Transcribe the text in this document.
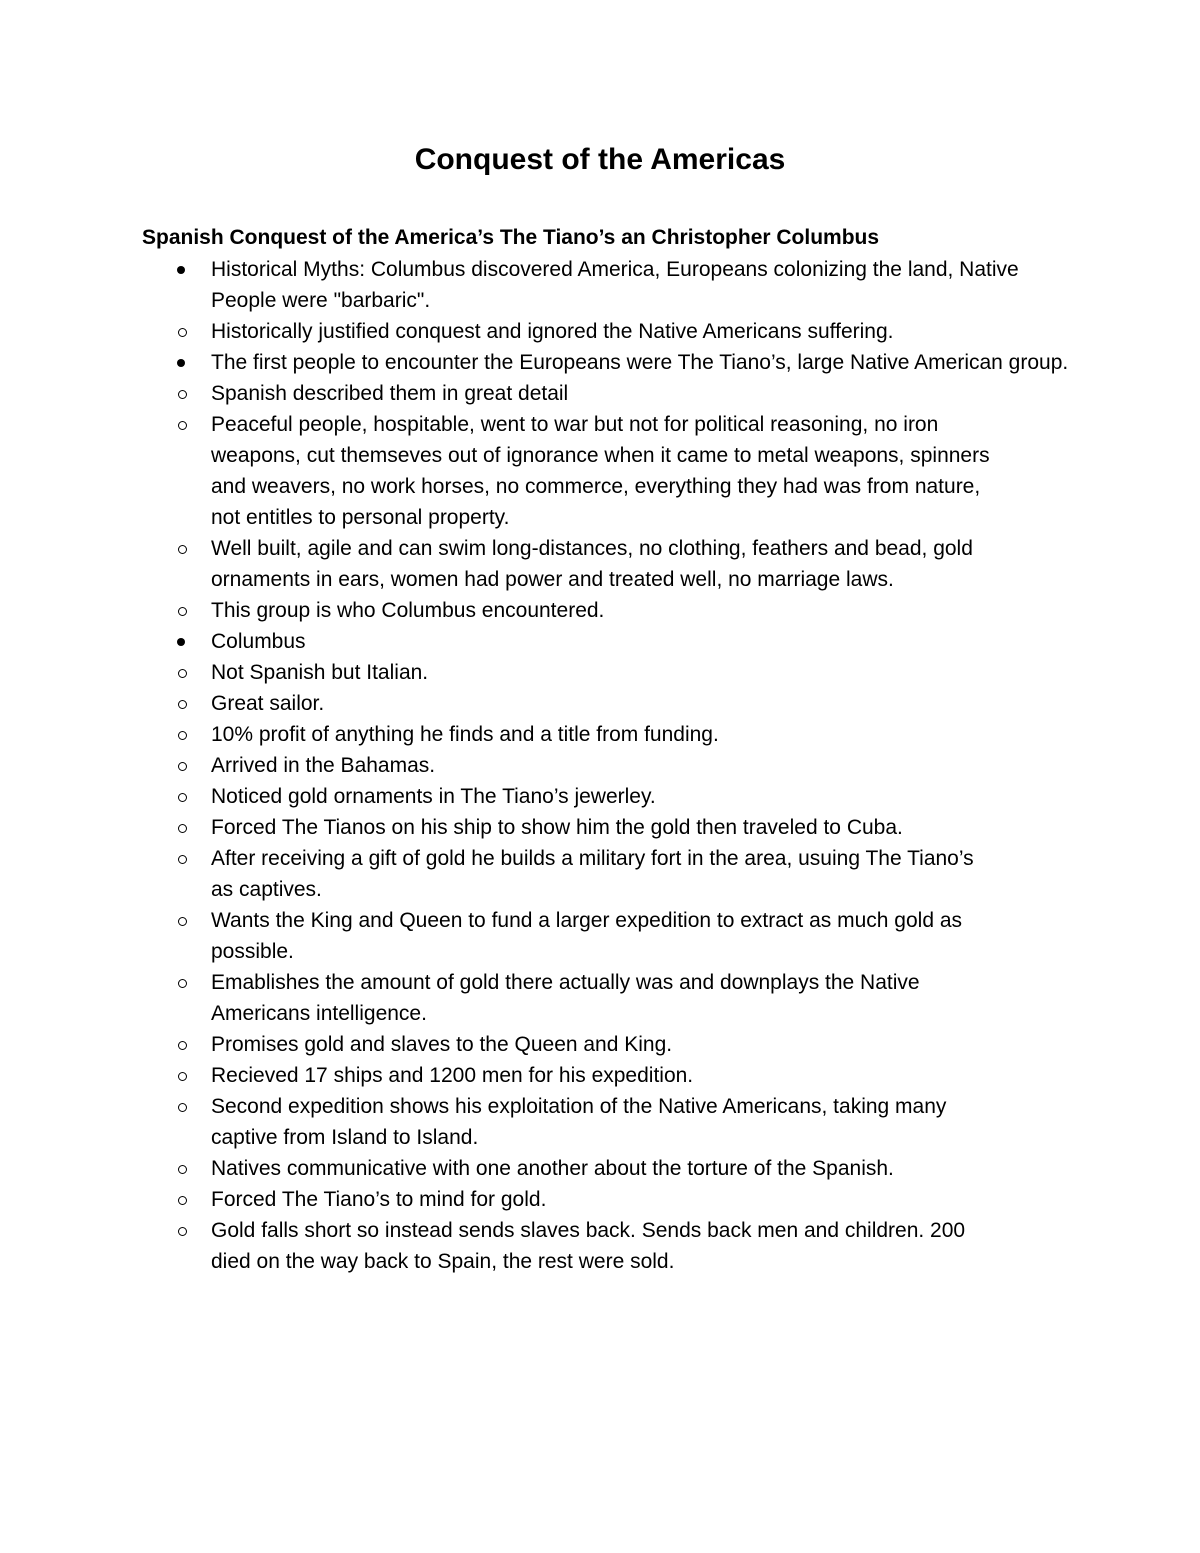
Conquest of the Americas
Spanish Conquest of the America’s The Tiano’s an Christopher Columbus
Historical Myths: Columbus discovered America, Europeans colonizing the land, Native People were "barbaric".
Historically justified conquest and ignored the Native Americans suffering.
The first people to encounter the Europeans were The Tiano’s, large Native American group.
Spanish described them in great detail
Peaceful people, hospitable, went to war but not for political reasoning, no iron weapons, cut themseves out of ignorance when it came to metal weapons, spinners and weavers, no work horses, no commerce, everything they had was from nature, not entitles to personal property.
Well built, agile and can swim long-distances, no clothing, feathers and bead, gold ornaments in ears, women had power and treated well, no marriage laws.
This group is who Columbus encountered.
Columbus
Not Spanish but Italian.
Great sailor.
10% profit of anything he finds and a title from funding.
Arrived in the Bahamas.
Noticed gold ornaments in The Tiano’s jewerley.
Forced The Tianos on his ship to show him the gold then traveled to Cuba.
After receiving a gift of gold he builds a military fort in the area, usuing The Tiano’s as captives.
Wants the King and Queen to fund a larger expedition to extract as much gold as possible.
Emablishes the amount of gold there actually was and downplays the Native Americans intelligence.
Promises gold and slaves to the Queen and King.
Recieved 17 ships and 1200 men for his expedition.
Second expedition shows his exploitation of the Native Americans, taking many captive from Island to Island.
Natives communicative with one another about the torture of the Spanish.
Forced The Tiano’s to mind for gold.
Gold falls short so instead sends slaves back. Sends back men and children. 200 died on the way back to Spain, the rest were sold.
